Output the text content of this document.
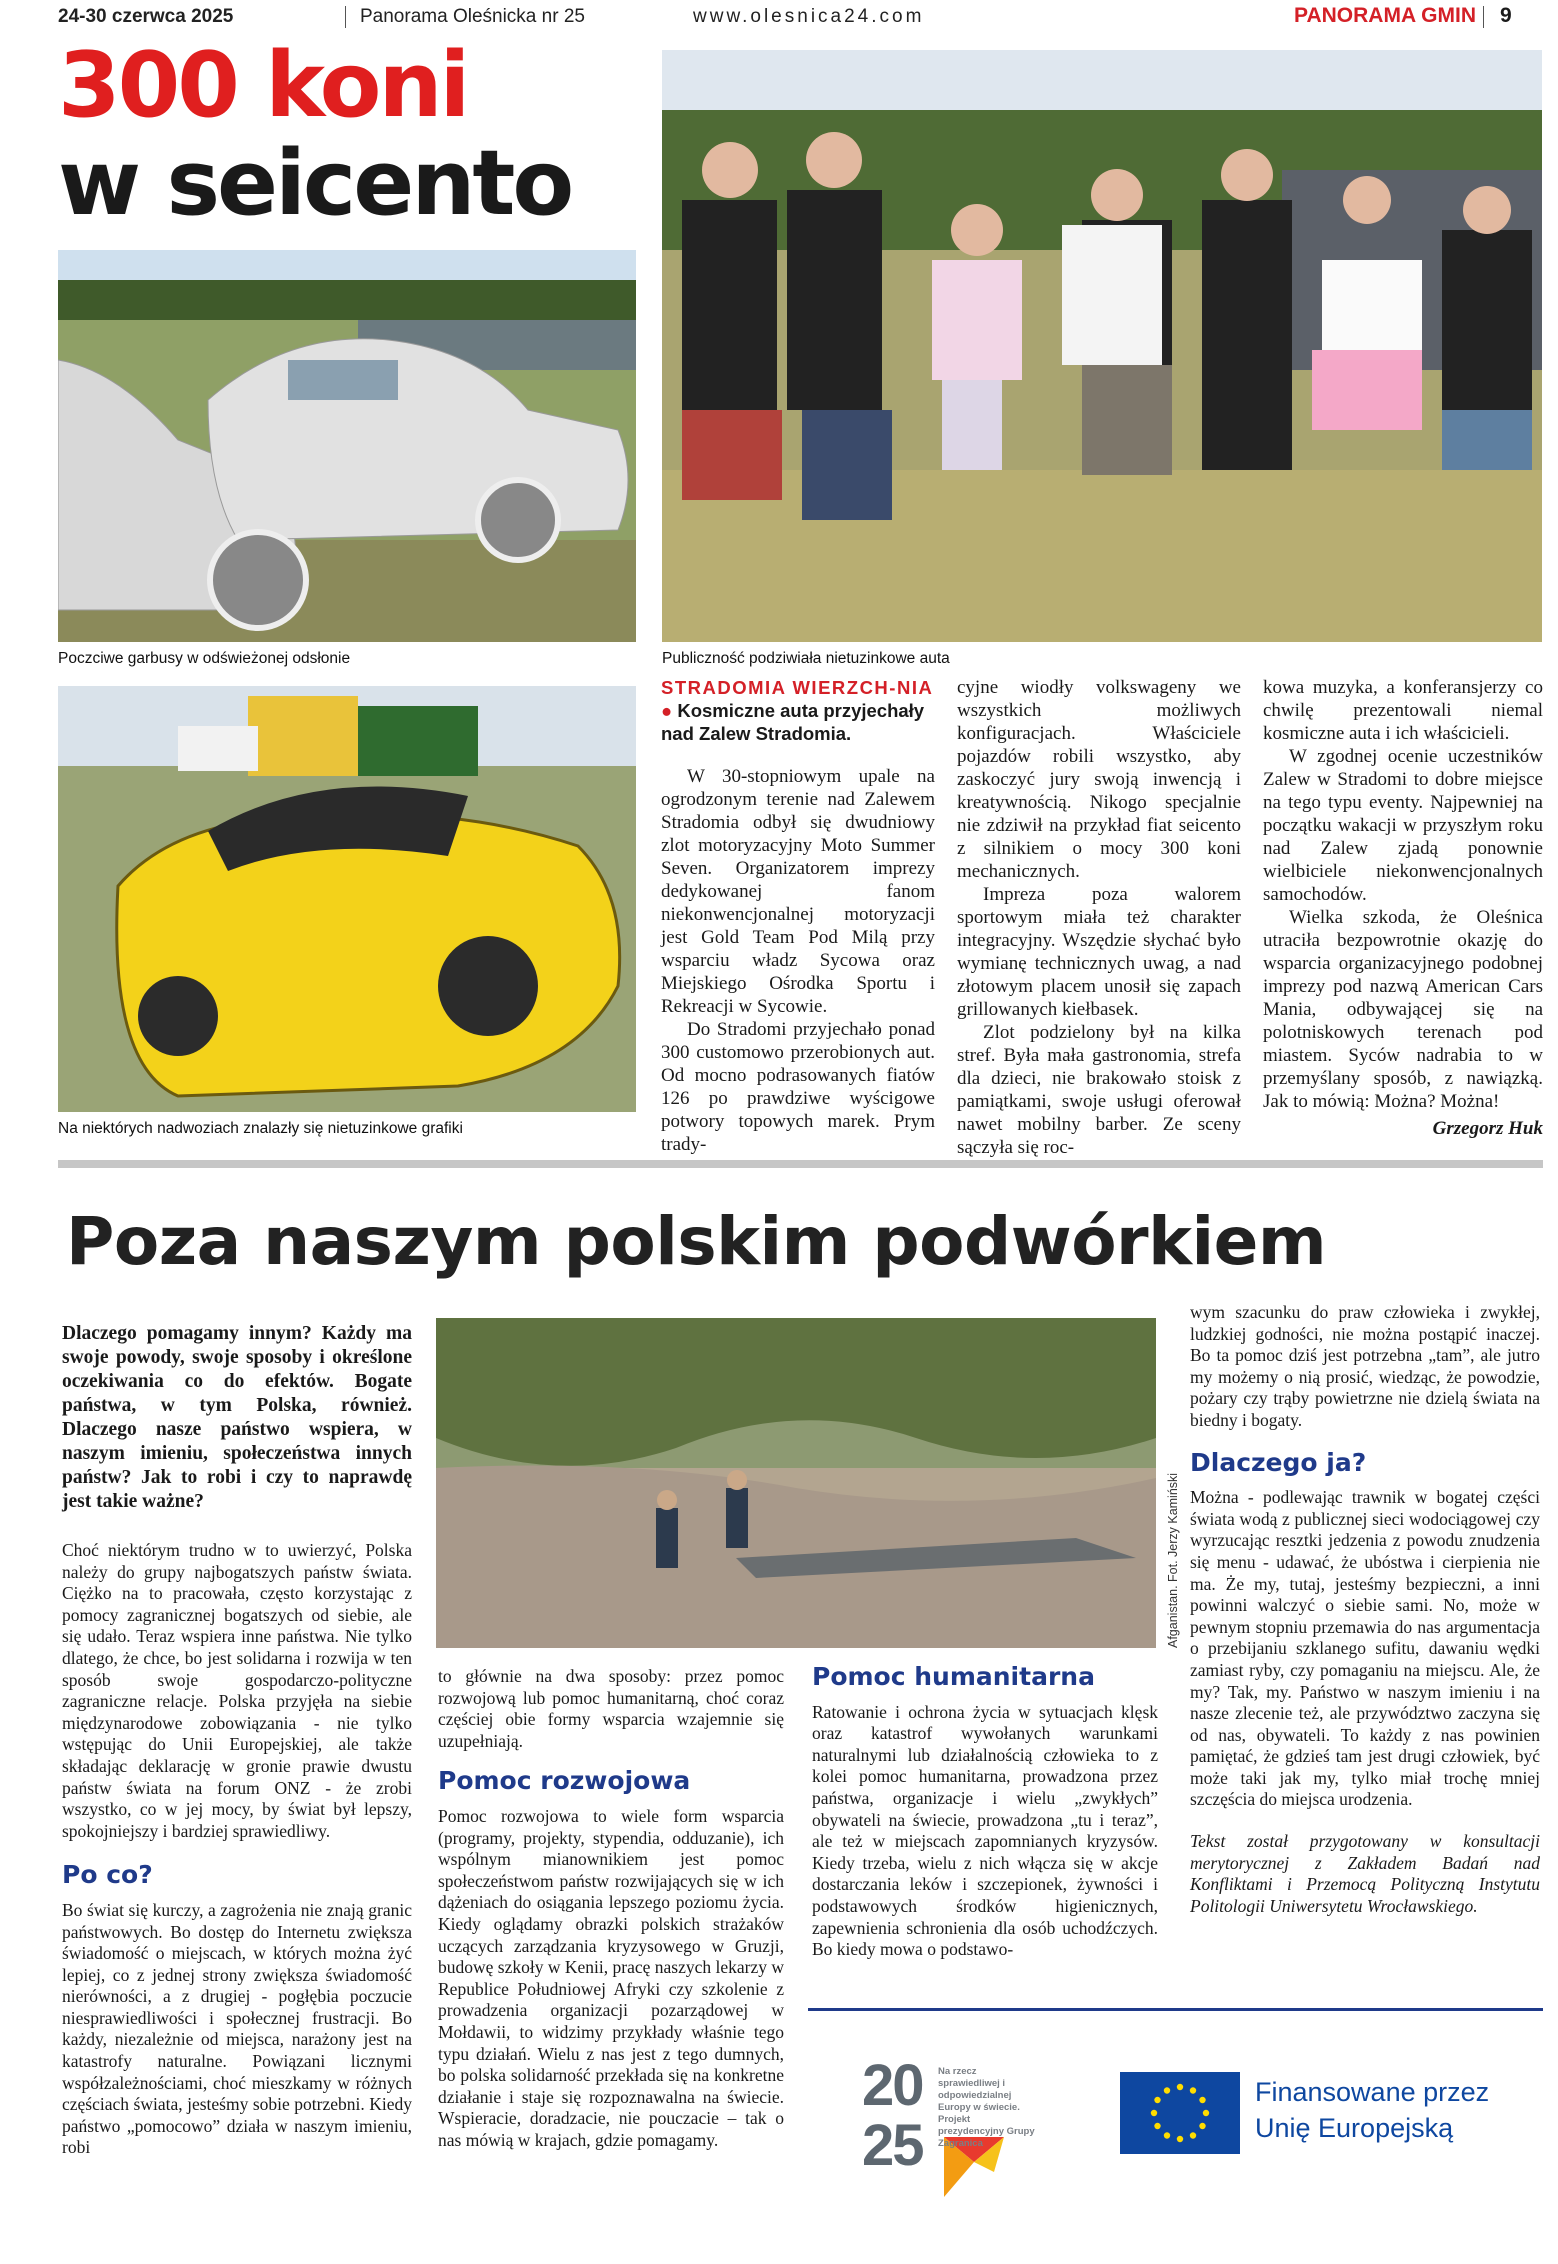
24-30 czerwca 2025	Panorama Oleśnicka nr 25	www.olesnica24.com	PANORAMA GMIN 9
300 koni
w seicento
Poczciwe garbusy w odświeżonej odsłonie	Publiczność podziwiała nietuzinkowe auta
Na niektórych nadwoziach znalazły się nietuzinkowe grafiki

STRADOMIA WIERZCH-NIA ● Kosmiczne auta przyjechały nad Zalew Stradomia.

W 30-stopniowym upale na ogrodzonym terenie nad Zalewem Stradomia odbył się dwudniowy zlot motoryzacyjny Moto Summer Seven. Organizatorem imprezy dedykowanej fanom niekonwencjonalnej motoryzacji jest Gold Team Pod Milą przy wsparciu władz Sycowa oraz Miejskiego Ośrodka Sportu i Rekreacji w Sycowie.

Do Stradomi przyjechało ponad 300 customowo przerobionych aut. Od mocno podrasowanych fiatów 126 po prawdziwe wyścigowe potwory topowych marek. Prym trady-

cyjne wiodły volkswageny we wszystkich możliwych konfiguracjach. Właściciele pojazdów robili wszystko, aby zaskoczyć jury swoją inwencją i kreatywnością. Nikogo specjalnie nie zdziwił na przykład fiat seicento z silnikiem o mocy 300 koni mechanicznych.

Impreza poza walorem sportowym miała też charakter integracyjny. Wszędzie słychać było wymianę technicznych uwag, a nad złotowym placem unosił się zapach grillowanych kiełbasek.

Zlot podzielony był na kilka stref. Była mała gastronomia, strefa dla dzieci, nie brakowało stoisk z pamiątkami, swoje usługi oferował nawet mobilny barber. Ze sceny sączyła się roc-

kowa muzyka, a konferansjerzy co chwilę prezentowali niemal kosmiczne auta i ich właścicieli.

W zgodnej ocenie uczestników Zalew w Stradomi to dobre miejsce na tego typu eventy. Najpewniej na początku wakacji w przyszłym roku nad Zalew zjadą ponownie wielbiciele niekonwencjonalnych samochodów.

Wielka szkoda, że Oleśnica utraciła bezpowrotnie okazję do wsparcia organizacyjnego podobnej imprezy pod nazwą American Cars Mania, odbywającej się na polotniskowych terenach pod miastem. Syców nadrabia to w przemyślany sposób, z nawiązką. Jak to mówią: Można? Można!

Grzegorz Huk
Poza naszym polskim podwórkiem

Dlaczego pomagamy innym? Każdy ma swoje powody, swoje sposoby i określone oczekiwania co do efektów. Bogate państwa, w tym Polska, również. Dlaczego nasze państwo wspiera, w naszym imieniu, społeczeństwa innych państw? Jak to robi i czy to naprawdę jest takie ważne?

Choć niektórym trudno w to uwierzyć, Polska należy do grupy najbogatszych państw świata. Ciężko na to pracowała, często korzystając z pomocy zagranicznej bogatszych od siebie, ale się udało. Teraz wspiera inne państwa. Nie tylko dlatego, że chce, bo jest solidarna i rozwija w ten sposób swoje gospodarczo-polityczne zagraniczne relacje. Polska przyjęła na siebie międzynarodowe zobowiązania - nie tylko wstępując do Unii Europejskiej, ale także składając deklarację w gronie prawie dwustu państw świata na forum ONZ - że zrobi wszystko, co w jej mocy, by świat był lepszy, spokojniejszy i bardziej sprawiedliwy.

Po co?

Bo świat się kurczy, a zagrożenia nie znają granic państwowych. Bo dostęp do Internetu zwiększa świadomość o miejscach, w których można żyć lepiej, co z jednej strony zwiększa świadomość nierówności, a z drugiej - pogłębia poczucie niesprawiedliwości i społecznej frustracji. Bo każdy, niezależnie od miejsca, narażony jest na katastrofy naturalne. Powiązani licznymi współzależnościami, choć mieszkamy w różnych częściach świata, jesteśmy sobie potrzebni. Kiedy państwo „pomocowo” działa w naszym imieniu, robi

Afganistan. Fot. Jerzy Kamiński

to głównie na dwa sposoby: przez pomoc rozwojową lub pomoc humanitarną, choć coraz częściej obie formy wsparcia wzajemnie się uzupełniają.

Pomoc rozwojowa

Pomoc rozwojowa to wiele form wsparcia (programy, projekty, stypendia, odduzanie), ich wspólnym mianownikiem jest pomoc społeczeństwom państw rozwijających się w ich dążeniach do osiągania lepszego poziomu życia. Kiedy oglądamy obrazki polskich strażaków uczących zarządzania kryzysowego w Gruzji, budowę szkoły w Kenii, pracę naszych lekarzy w Republice Południowej Afryki czy szkolenie z prowadzenia organizacji pozarządowej w Mołdawii, to widzimy przykłady właśnie tego typu działań. Wielu z nas jest z tego dumnych, bo polska solidarność przekłada się na konkretne działanie i staje się rozpoznawalna na świecie. Wspieracie, doradzacie, nie pouczacie – tak o nas mówią w krajach, gdzie pomagamy.

Pomoc humanitarna

Ratowanie i ochrona życia w sytuacjach klęsk oraz katastrof wywołanych warunkami naturalnymi lub działalnością człowieka to z kolei pomoc humanitarna, prowadzona przez państwa, organizacje i wielu „zwykłych” obywateli na świecie, prowadzona „tu i teraz”, ale też w miejscach zapomnianych kryzysów. Kiedy trzeba, wielu z nich włącza się w akcje dostarczania leków i szczepionek, żywności i podstawowych środków higienicznych, zapewnienia schronienia dla osób uchodźczych. Bo kiedy mowa o podstawo-

wym szacunku do praw człowieka i zwykłej, ludzkiej godności, nie można postąpić inaczej. Bo ta pomoc dziś jest potrzebna „tam”, ale jutro my możemy o nią prosić, wiedząc, że powodzie, pożary czy trąby powietrzne nie dzielą świata na biedny i bogaty.

Dlaczego ja?

Można - podlewając trawnik w bogatej części świata wodą z publicznej sieci wodociągowej czy wyrzucając resztki jedzenia z powodu znudzenia się menu - udawać, że ubóstwa i cierpienia nie ma. Że my, tutaj, jesteśmy bezpieczni, a inni powinni walczyć o siebie sami. No, może w pewnym stopniu przemawia do nas argumentacja o przebijaniu szklanego sufitu, dawaniu wędki zamiast ryby, czy pomaganiu na miejscu. Ale, że my? Tak, my. Państwo w naszym imieniu i na nasze zlecenie też, ale przywództwo zaczyna się od nas, obywateli. To każdy z nas powinien pamiętać, że gdzieś tam jest drugi człowiek, być może taki jak my, tylko miał trochę mniej szczęścia do miejsca urodzenia.

Tekst został przygotowany w konsultacji merytorycznej z Zakładem Badań nad Konfliktami i Przemocą Polityczną Instytutu Politologii Uniwersytetu Wrocławskiego.

2025
Na rzecz sprawiedliwej i odpowiedzialnej Europy w świecie. Projekt prezydencyjny Grupy Zagranica
Finansowane przez
Unię Europejską
